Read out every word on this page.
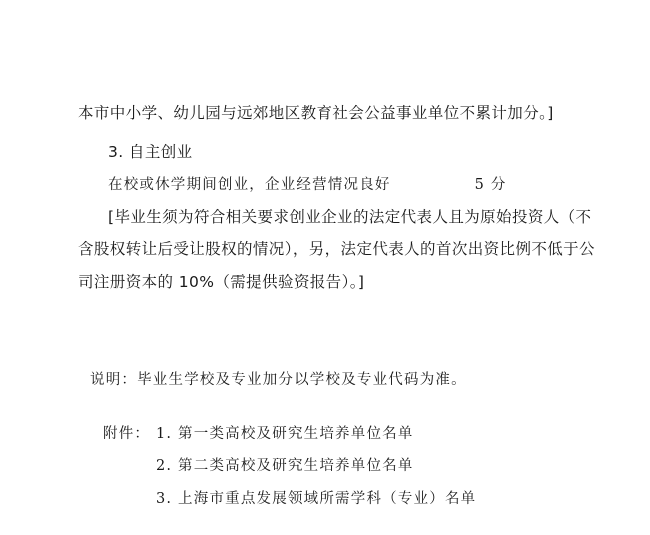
本市中小学、幼儿园与远郊地区教育社会公益事业单位不累计加分。]
3. 自主创业
在校或休学期间创业，企业经营情况良好	5 分
[毕业生须为符合相关要求创业企业的法定代表人且为原始投资人（不
含股权转让后受让股权的情况），另，法定代表人的首次出资比例不低于公
司注册资本的 10%（需提供验资报告）。]
说明：毕业生学校及专业加分以学校及专业代码为准。
附件： 1. 第一类高校及研究生培养单位名单
2. 第二类高校及研究生培养单位名单
3. 上海市重点发展领域所需学科（专业）名单
